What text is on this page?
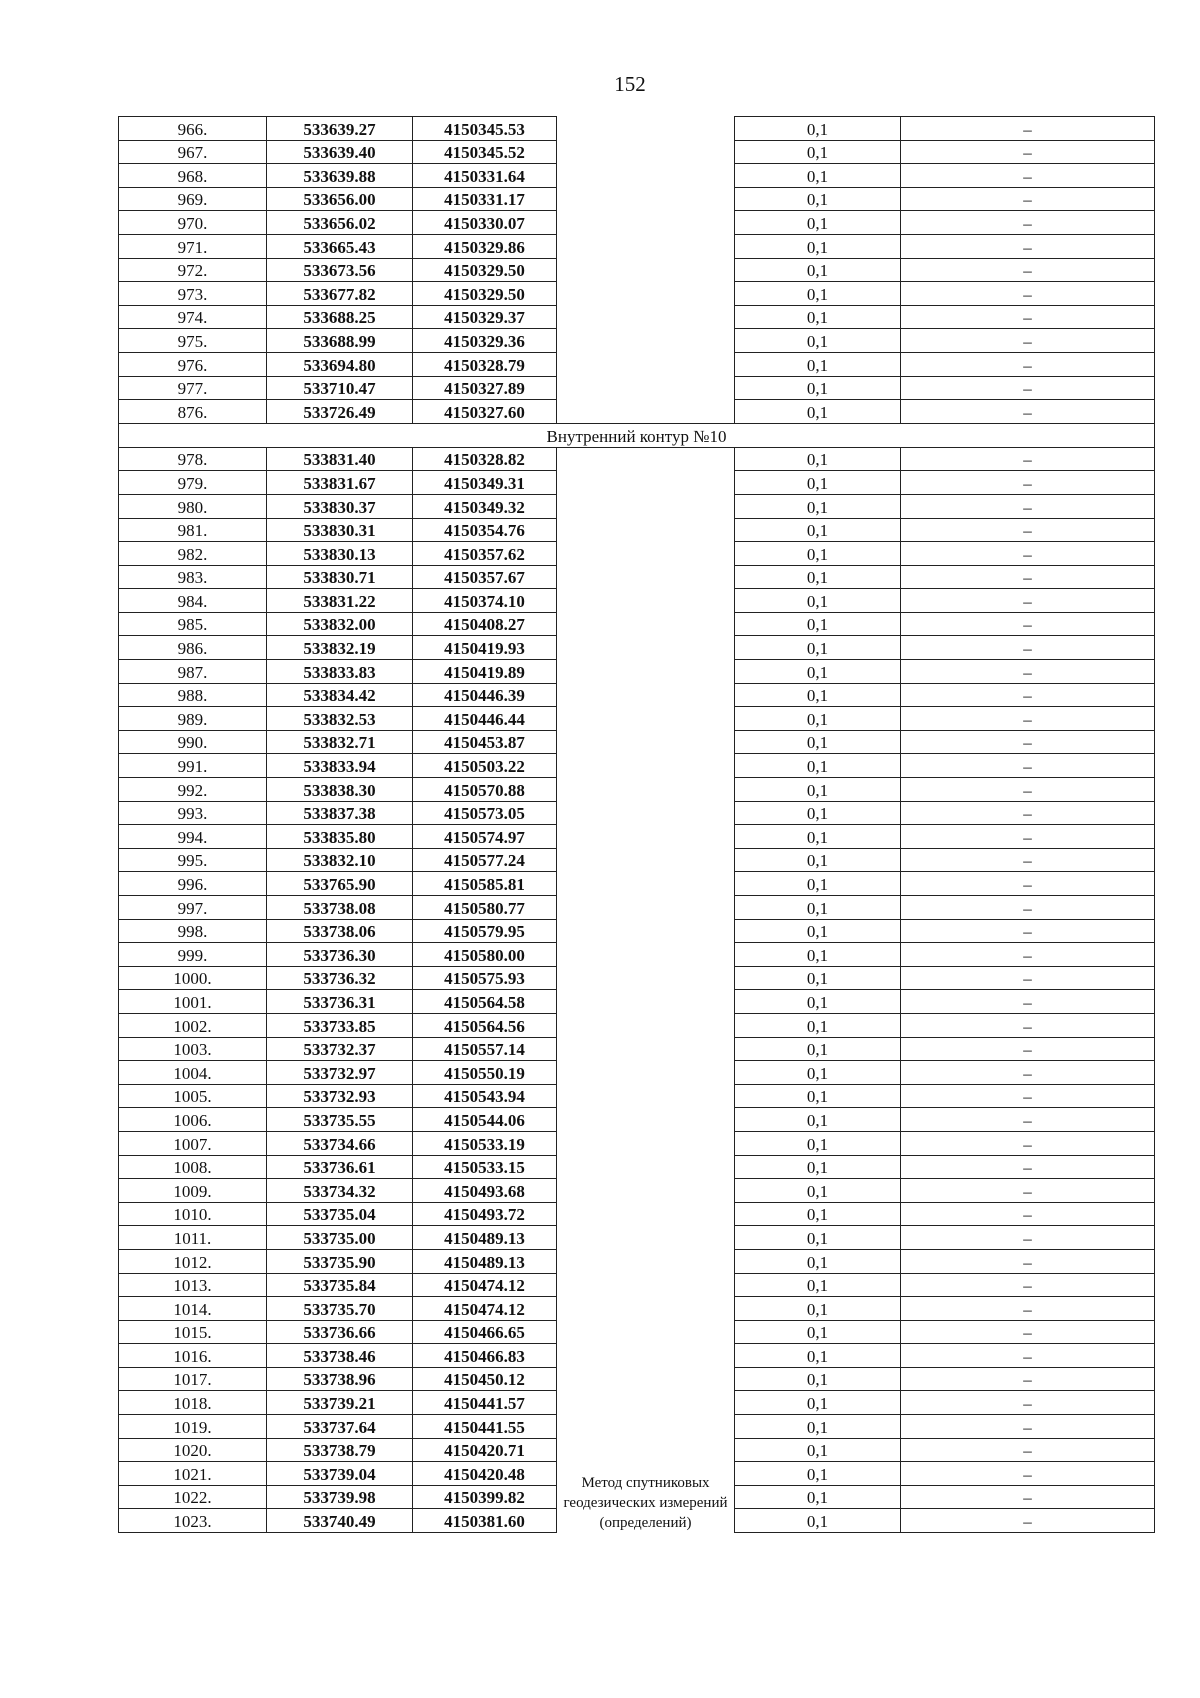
152
966.	533639.27	4150345.53		0,1	–
967.	533639.40	4150345.52		0,1	–
968.	533639.88	4150331.64		0,1	–
969.	533656.00	4150331.17		0,1	–
970.	533656.02	4150330.07		0,1	–
971.	533665.43	4150329.86		0,1	–
972.	533673.56	4150329.50		0,1	–
973.	533677.82	4150329.50		0,1	–
974.	533688.25	4150329.37		0,1	–
975.	533688.99	4150329.36		0,1	–
976.	533694.80	4150328.79		0,1	–
977.	533710.47	4150327.89		0,1	–
876.	533726.49	4150327.60		0,1	–
Внутренний контур №10					
978.	533831.40	4150328.82	Метод спутниковых геодезических измерений (определений)	0,1	–
979.	533831.67	4150349.31		0,1	–
980.	533830.37	4150349.32		0,1	–
981.	533830.31	4150354.76		0,1	–
982.	533830.13	4150357.62		0,1	–
983.	533830.71	4150357.67		0,1	–
984.	533831.22	4150374.10		0,1	–
985.	533832.00	4150408.27		0,1	–
986.	533832.19	4150419.93		0,1	–
987.	533833.83	4150419.89		0,1	–
988.	533834.42	4150446.39		0,1	–
989.	533832.53	4150446.44		0,1	–
990.	533832.71	4150453.87		0,1	–
991.	533833.94	4150503.22		0,1	–
992.	533838.30	4150570.88		0,1	–
993.	533837.38	4150573.05		0,1	–
994.	533835.80	4150574.97		0,1	–
995.	533832.10	4150577.24		0,1	–
996.	533765.90	4150585.81		0,1	–
997.	533738.08	4150580.77		0,1	–
998.	533738.06	4150579.95		0,1	–
999.	533736.30	4150580.00		0,1	–
1000.	533736.32	4150575.93		0,1	–
1001.	533736.31	4150564.58		0,1	–
1002.	533733.85	4150564.56		0,1	–
1003.	533732.37	4150557.14		0,1	–
1004.	533732.97	4150550.19		0,1	–
1005.	533732.93	4150543.94		0,1	–
1006.	533735.55	4150544.06		0,1	–
1007.	533734.66	4150533.19		0,1	–
1008.	533736.61	4150533.15		0,1	–
1009.	533734.32	4150493.68		0,1	–
1010.	533735.04	4150493.72		0,1	–
1011.	533735.00	4150489.13		0,1	–
1012.	533735.90	4150489.13		0,1	–
1013.	533735.84	4150474.12		0,1	–
1014.	533735.70	4150474.12		0,1	–
1015.	533736.66	4150466.65		0,1	–
1016.	533738.46	4150466.83		0,1	–
1017.	533738.96	4150450.12		0,1	–
1018.	533739.21	4150441.57		0,1	–
1019.	533737.64	4150441.55		0,1	–
1020.	533738.79	4150420.71		0,1	–
1021.	533739.04	4150420.48		0,1	–
1022.	533739.98	4150399.82		0,1	–
1023.	533740.49	4150381.60		0,1	–
